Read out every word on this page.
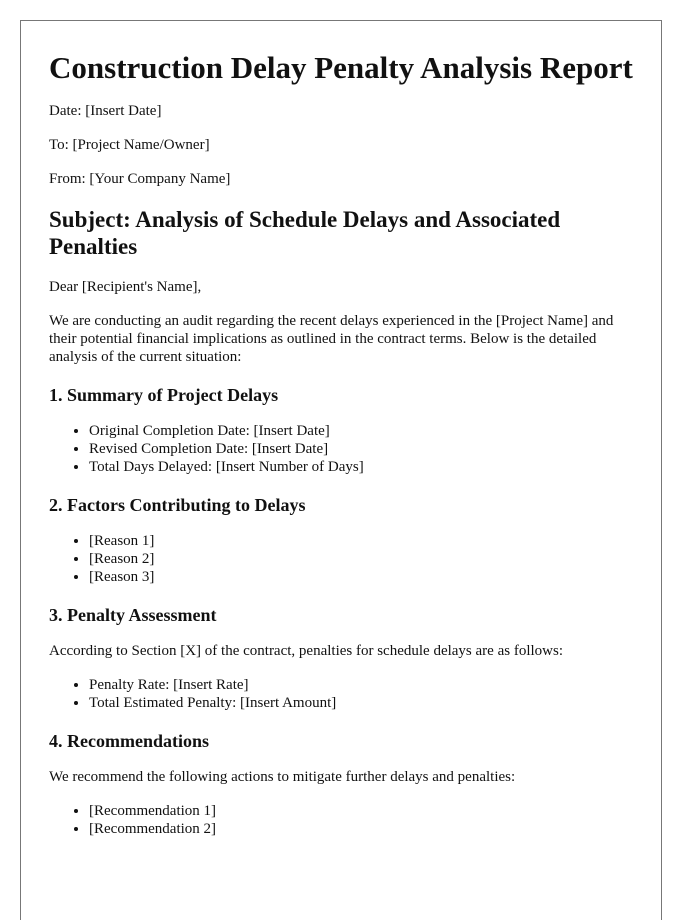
Construction Delay Penalty Analysis Report

Date: [Insert Date]

To: [Project Name/Owner]

From: [Your Company Name]

Subject: Analysis of Schedule Delays and Associated Penalties

Dear [Recipient's Name],

We are conducting an audit regarding the recent delays experienced in the [Project Name] and their potential financial implications as outlined in the contract terms. Below is the detailed analysis of the current situation:

1. Summary of Project Delays
• Original Completion Date: [Insert Date]
• Revised Completion Date: [Insert Date]
• Total Days Delayed: [Insert Number of Days]
2. Factors Contributing to Delays
• [Reason 1]
• [Reason 2]
• [Reason 3]
3. Penalty Assessment

According to Section [X] of the contract, penalties for schedule delays are as follows:

• Penalty Rate: [Insert Rate]
• Total Estimated Penalty: [Insert Amount]
4. Recommendations

We recommend the following actions to mitigate further delays and penalties:

• [Recommendation 1]
• [Recommendation 2]
